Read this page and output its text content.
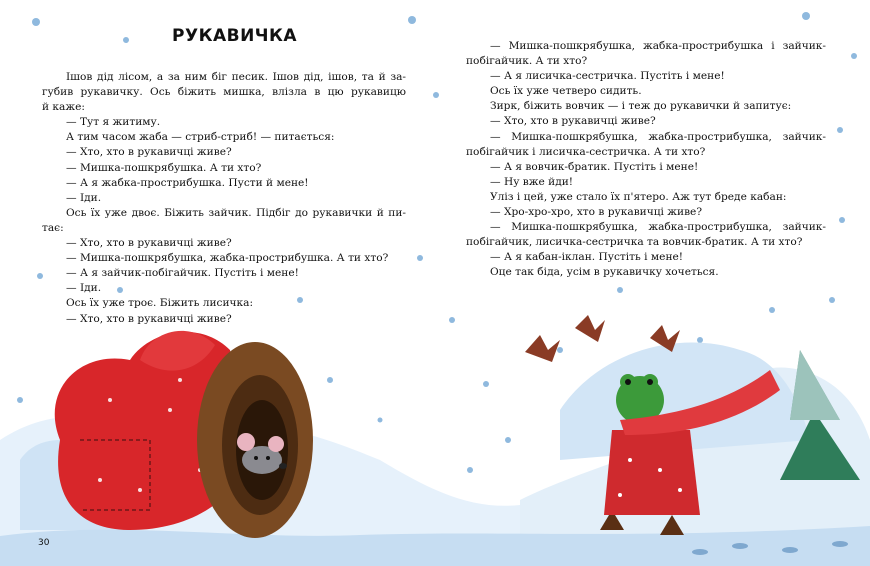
РУКАВИЧКА
Ішов дід лісом, а за ним біг песик. Ішов дід, ішов, та й за-
губив рукавичку. Ось біжить мишка, влізла в цю рукавицю
й каже:
— Тут я житиму.
А тим часом жаба — стриб-стриб! — питається:
— Хто, хто в рукавичці живе?
— Мишка-пошкрябушка. А ти хто?
— А я жабка-прострибушка. Пусти й мене!
— Іди.
Ось їх уже двоє. Біжить зайчик. Підбіг до рукавички й пи-
тає:
— Хто, хто в рукавичці живе?
— Мишка-пошкрябушка, жабка-прострибушка. А ти хто?
— А я зайчик-побігайчик. Пустіть і мене!
— Іди.
Ось їх уже троє. Біжить лисичка:
— Хто, хто в рукавичці живе?
— Мишка-пошкрябушка, жабка-прострибушка і зайчик-
побігайчик. А ти хто?
— А я лисичка-сестричка. Пустіть і мене!
Ось їх уже четверо сидить.
Зирк, біжить вовчик — і теж до рукавички й запитує:
— Хто, хто в рукавичці живе?
— Мишка-пошкрябушка, жабка-прострибушка, зайчик-
побігайчик і лисичка-сестричка. А ти хто?
— А я вовчик-братик. Пустіть і мене!
— Ну вже йди!
Уліз і цей, уже стало їх п'ятеро. Аж тут бреде кабан:
— Хро-хро-хро, хто в рукавичці живе?
— Мишка-пошкрябушка, жабка-прострибушка, зайчик-
побігайчик, лисичка-сестричка та вовчик-братик. А ти хто?
— А я кабан-іклан. Пустіть і мене!
Оце так біда, усім в рукавичку хочеться.
30
